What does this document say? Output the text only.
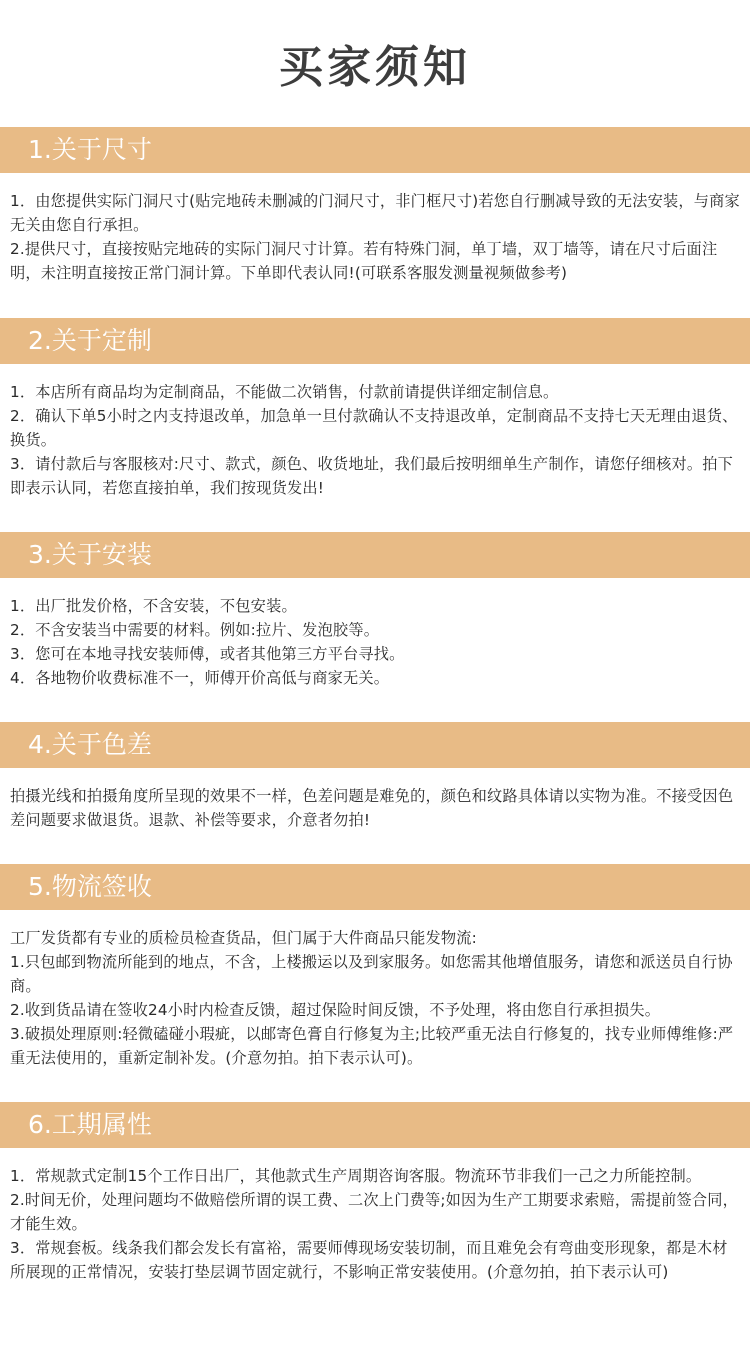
买家须知
1.关于尺寸

1．由您提供实际门洞尺寸(贴完地砖未删减的门洞尺寸，非门框尺寸)若您自行删减导致的无法安装，与商家无关由您自行承担。

2.提供尺寸，直接按贴完地砖的实际门洞尺寸计算。若有特殊门洞，单丁墙，双丁墙等，请在尺寸后面注明，未注明直接按正常门洞计算。下单即代表认同!(可联系客服发测量视频做参考)

2.关于定制

1．本店所有商品均为定制商品，不能做二次销售，付款前请提供详细定制信息。

2．确认下单5小时之内支持退改单，加急单一旦付款确认不支持退改单，定制商品不支持七天无理由退货、换货。

3．请付款后与客服核对:尺寸、款式，颜色、收货地址，我们最后按明细单生产制作，请您仔细核对。拍下即表示认同，若您直接拍单，我们按现货发出!

3.关于安装

1．出厂批发价格，不含安装，不包安装。

2．不含安装当中需要的材料。例如:拉片、发泡胶等。

3．您可在本地寻找安装师傅，或者其他第三方平台寻找。

4．各地物价收费标准不一，师傅开价高低与商家无关。

4.关于色差

拍摄光线和拍摄角度所呈现的效果不一样，色差问题是难免的，颜色和纹路具体请以实物为准。不接受因色差问题要求做退货。退款、补偿等要求，介意者勿拍!

5.物流签收

工厂发货都有专业的质检员检查货品，但门属于大件商品只能发物流:

1.只包邮到物流所能到的地点，不含，上楼搬运以及到家服务。如您需其他增值服务，请您和派送员自行协商。

2.收到货品请在签收24小时内检查反馈，超过保险时间反馈，不予处理，将由您自行承担损失。

3.破损处理原则:轻微磕碰小瑕疵，以邮寄色膏自行修复为主;比较严重无法自行修复的，找专业师傅维修:严重无法使用的，重新定制补发。(介意勿拍。拍下表示认可)。

6.工期属性

1．常规款式定制15个工作日出厂，其他款式生产周期咨询客服。物流环节非我们一己之力所能控制。

2.时间无价，处理问题均不做赔偿所谓的误工费、二次上门费等;如因为生产工期要求索赔，需提前签合同，才能生效。

3．常规套板。线条我们都会发长有富裕，需要师傅现场安装切制，而且难免会有弯曲变形现象，都是木材所展现的正常情况，安装打垫层调节固定就行，不影响正常安装使用。(介意勿拍，拍下表示认可)
